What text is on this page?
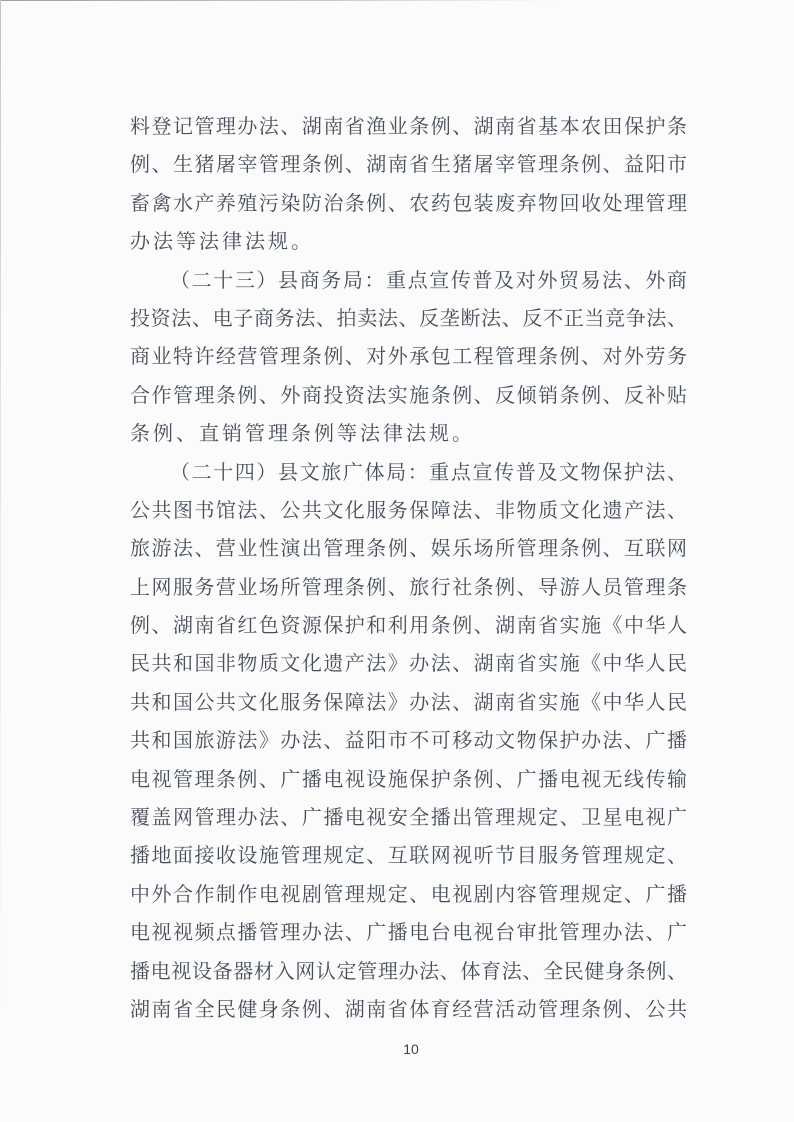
料登记管理办法、湖南省渔业条例、湖南省基本农田保护条
例、生猪屠宰管理条例、湖南省生猪屠宰管理条例、益阳市
畜禽水产养殖污染防治条例、农药包装废弃物回收处理管理
办法等法律法规。
（二十三）县商务局：重点宣传普及对外贸易法、外商
投资法、电子商务法、拍卖法、反垄断法、反不正当竞争法、
商业特许经营管理条例、对外承包工程管理条例、对外劳务
合作管理条例、外商投资法实施条例、反倾销条例、反补贴
条例、直销管理条例等法律法规。
（二十四）县文旅广体局：重点宣传普及文物保护法、
公共图书馆法、公共文化服务保障法、非物质文化遗产法、
旅游法、营业性演出管理条例、娱乐场所管理条例、互联网
上网服务营业场所管理条例、旅行社条例、导游人员管理条
例、湖南省红色资源保护和利用条例、湖南省实施《中华人
民共和国非物质文化遗产法》办法、湖南省实施《中华人民
共和国公共文化服务保障法》办法、湖南省实施《中华人民
共和国旅游法》办法、益阳市不可移动文物保护办法、广播
电视管理条例、广播电视设施保护条例、广播电视无线传输
覆盖网管理办法、广播电视安全播出管理规定、卫星电视广
播地面接收设施管理规定、互联网视听节目服务管理规定、
中外合作制作电视剧管理规定、电视剧内容管理规定、广播
电视视频点播管理办法、广播电台电视台审批管理办法、广
播电视设备器材入网认定管理办法、体育法、全民健身条例、
湖南省全民健身条例、湖南省体育经营活动管理条例、公共
10
